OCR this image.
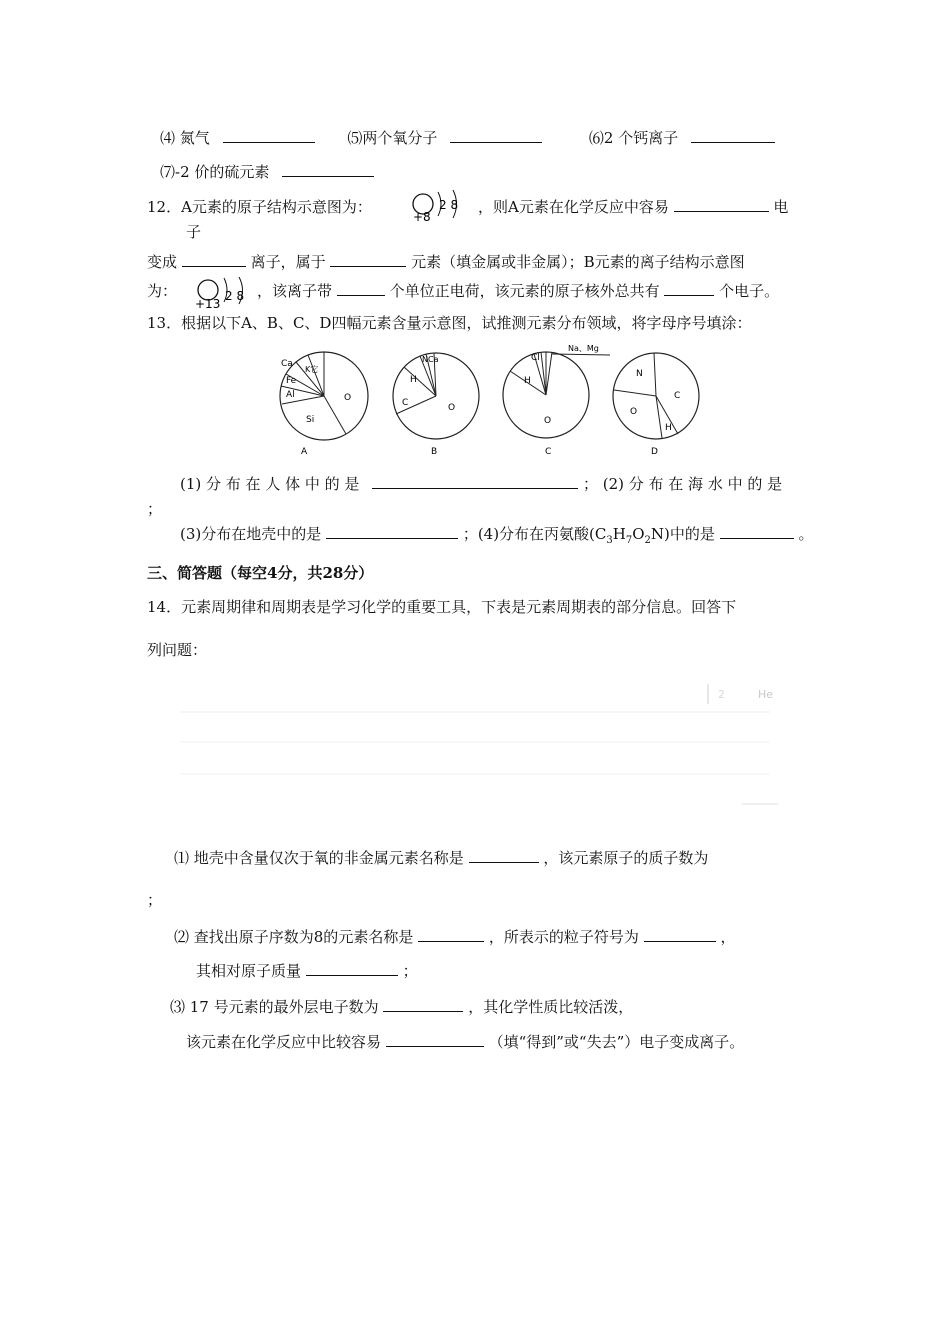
⑷ 氮气	⑸两个氧分子	⑹2 个钙离子
⑺-2 价的硫元素
12．A元素的原子结构示意图为：
+8
2 8 ，则A元素在化学反应中容易	电
子
变成	离子，属于	元素（填金属或非金属）；B元素的离子结构示意图
为：
+13
2 8 ，该离子带	个单位正电荷，该元素的原子核外总共有	个电子。
13．根据以下A、B、C、D四幅元素含量示意图，试推测元素分布领域，将字母序号填涂：
Ca
K它
Fe
Al
Si
O
A
NCa
H
C	O
B
Cl
Na、Mg
H
O
C
N
O
C
H
D
(1) 分 布 在 人 体 中 的 是	； (2) 分 布 在 海 水 中 的 是
；
(3)分布在地壳中的是	；(4)分布在丙氨酸$(C_3H_7O_2N)$中的是	。
三、简答题（每空4分，共28分）
14．元素周期律和周期表是学习化学的重要工具，下表是元素周期表的部分信息。回答下
列问题：
2	He
⑴ 地壳中含量仅次于氧的非金属元素名称是	，该元素原子的质子数为
；
⑵ 查找出原子序数为8的元素名称是	，所表示的粒子符号为	，
其相对原子质量	；
⑶ 17 号元素的最外层电子数为	，其化学性质比较活泼，
该元素在化学反应中比较容易	（填“得到”或“失去”）电子变成离子。
